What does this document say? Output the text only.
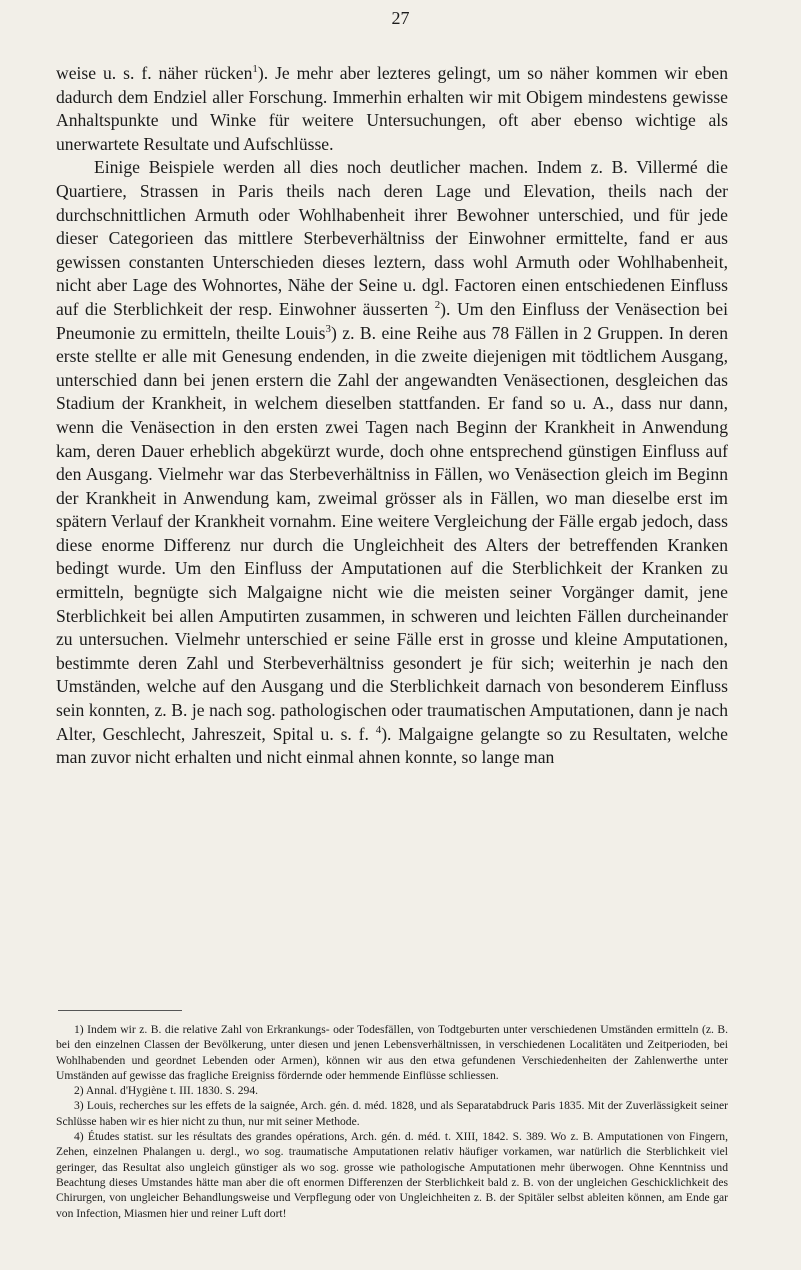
27

weise u. s. f. näher rücken$^1$). Je mehr aber lezteres gelingt, um so näher kommen wir eben dadurch dem Endziel aller Forschung. Immerhin erhalten wir mit Obigem mindestens gewisse Anhaltspunkte und Winke für weitere Untersuchungen, oft aber ebenso wichtige als unerwartete Resultate und Aufschlüsse.

Einige Beispiele werden all dies noch deutlicher machen. Indem z. B. Villermé die Quartiere, Strassen in Paris theils nach deren Lage und Elevation, theils nach der durchschnittlichen Armuth oder Wohlhabenheit ihrer Bewohner unterschied, und für jede dieser Categorieen das mittlere Sterbeverhältniss der Einwohner ermittelte, fand er aus gewissen constanten Unterschieden dieses leztern, dass wohl Armuth oder Wohlhabenheit, nicht aber Lage des Wohnortes, Nähe der Seine u. dgl. Factoren einen entschiedenen Einfluss auf die Sterblichkeit der resp. Einwohner äusserten $^2$). Um den Einfluss der Venäsection bei Pneumonie zu ermitteln, theilte Louis$^3$) z. B. eine Reihe aus 78 Fällen in 2 Gruppen. In deren erste stellte er alle mit Genesung endenden, in die zweite diejenigen mit tödtlichem Ausgang, unterschied dann bei jenen erstern die Zahl der angewandten Venäsectionen, desgleichen das Stadium der Krankheit, in welchem dieselben stattfanden. Er fand so u. A., dass nur dann, wenn die Venäsection in den ersten zwei Tagen nach Beginn der Krankheit in Anwendung kam, deren Dauer erheblich abgekürzt wurde, doch ohne entsprechend günstigen Einfluss auf den Ausgang. Vielmehr war das Sterbeverhältniss in Fällen, wo Venäsection gleich im Beginn der Krankheit in Anwendung kam, zweimal grösser als in Fällen, wo man dieselbe erst im spätern Verlauf der Krankheit vornahm. Eine weitere Vergleichung der Fälle ergab jedoch, dass diese enorme Differenz nur durch die Ungleichheit des Alters der betreffenden Kranken bedingt wurde. Um den Einfluss der Amputationen auf die Sterblichkeit der Kranken zu ermitteln, begnügte sich Malgaigne nicht wie die meisten seiner Vorgänger damit, jene Sterblichkeit bei allen Amputirten zusammen, in schweren und leichten Fällen durcheinander zu untersuchen. Vielmehr unterschied er seine Fälle erst in grosse und kleine Amputationen, bestimmte deren Zahl und Sterbeverhältniss gesondert je für sich; weiterhin je nach den Umständen, welche auf den Ausgang und die Sterblichkeit darnach von besonderem Einfluss sein konnten, z. B. je nach sog. pathologischen oder traumatischen Amputationen, dann je nach Alter, Geschlecht, Jahreszeit, Spital u. s. f. $^4$). Malgaigne gelangte so zu Resultaten, welche man zuvor nicht erhalten und nicht einmal ahnen konnte, so lange man

1) Indem wir z. B. die relative Zahl von Erkrankungs- oder Todesfällen, von Todtgeburten unter verschiedenen Umständen ermitteln (z. B. bei den einzelnen Classen der Bevölkerung, unter diesen und jenen Lebensverhältnissen, in verschiedenen Localitäten und Zeitperioden, bei Wohlhabenden und geordnet Lebenden oder Armen), können wir aus den etwa gefundenen Verschiedenheiten der Zahlenwerthe unter Umständen auf gewisse das fragliche Ereigniss fördernde oder hemmende Einflüsse schliessen.

2) Annal. d'Hygiène t. III. 1830. S. 294.

3) Louis, recherches sur les effets de la saignée, Arch. gén. d. méd. 1828, und als Separatabdruck Paris 1835. Mit der Zuverlässigkeit seiner Schlüsse haben wir es hier nicht zu thun, nur mit seiner Methode.

4) Études statist. sur les résultats des grandes opérations, Arch. gén. d. méd. t. XIII, 1842. S. 389. Wo z. B. Amputationen von Fingern, Zehen, einzelnen Phalangen u. dergl., wo sog. traumatische Amputationen relativ häufiger vorkamen, war natürlich die Sterblichkeit viel geringer, das Resultat also ungleich günstiger als wo sog. grosse wie pathologische Amputationen mehr überwogen. Ohne Kenntniss und Beachtung dieses Umstandes hätte man aber die oft enormen Differenzen der Sterblichkeit bald z. B. von der ungleichen Geschicklichkeit des Chirurgen, von ungleicher Behandlungsweise und Verpflegung oder von Ungleichheiten z. B. der Spitäler selbst ableiten können, am Ende gar von Infection, Miasmen hier und reiner Luft dort!
